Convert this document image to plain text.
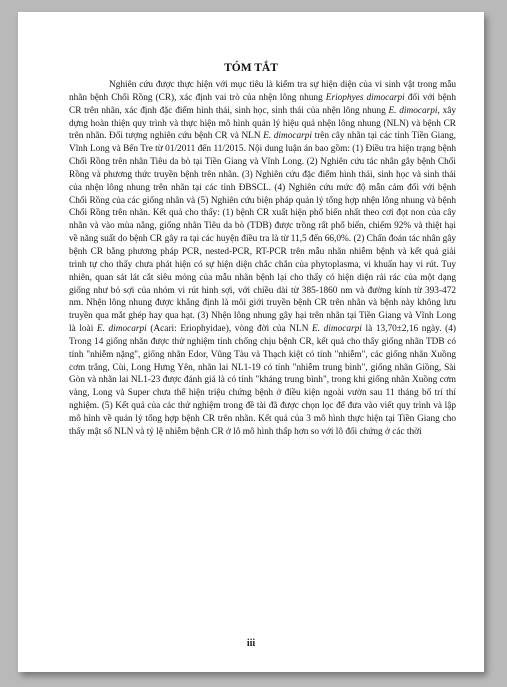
TÓM TẮT

Nghiên cứu được thực hiện với mục tiêu là kiểm tra sự hiện diện của vi sinh vật trong mẫu nhãn bệnh Chổi Rồng (CR), xác định vai trò của nhện lông nhung Eriophyes dimocarpi đối với bệnh CR trên nhãn, xác định đặc điểm hình thái, sinh học, sinh thái của nhện lông nhung E. dimocarpi, xây dựng hoàn thiện quy trình và thực hiện mô hình quản lý hiệu quả nhện lông nhung (NLN) và bệnh CR trên nhãn. Đối tượng nghiên cứu bệnh CR và NLN E. dimocarpi trên cây nhãn tại các tỉnh Tiền Giang, Vĩnh Long và Bến Tre từ 01/2011 đến 11/2015. Nội dung luận án bao gồm: (1) Điều tra hiện trạng bệnh Chổi Rồng trên nhãn Tiêu da bò tại Tiền Giang và Vĩnh Long. (2) Nghiên cứu tác nhân gây bệnh Chổi Rồng và phương thức truyền bệnh trên nhãn. (3) Nghiên cứu đặc điểm hình thái, sinh học và sinh thái của nhện lông nhung trên nhãn tại các tỉnh ĐBSCL. (4) Nghiên cứu mức độ mẫn cảm đối với bệnh Chổi Rồng của các giống nhãn và (5) Nghiên cứu biện pháp quản lý tổng hợp nhện lông nhung và bệnh Chổi Rồng trên nhãn. Kết quả cho thấy: (1) bệnh CR xuất hiện phổ biến nhất theo cơi đọt non của cây nhãn và vào mùa nắng, giống nhãn Tiêu da bò (TDB) được trồng rất phổ biến, chiếm 92% và thiệt hại về năng suất do bệnh CR gây ra tại các huyện điều tra là từ 11,5 đến 66,0%. (2) Chẩn đoán tác nhân gây bệnh CR bằng phương pháp PCR, nested-PCR, RT-PCR trên mẫu nhãn nhiễm bệnh và kết quả giải trình tự cho thấy chưa phát hiện có sự hiện diện chắc chắn của phytoplasma, vi khuẩn hay vi rút. Tuy nhiên, quan sát lát cắt siêu mỏng của mẫu nhãn bệnh lại cho thấy có hiện diện rải rác của một dạng giống như bó sợi của nhóm vi rút hình sợi, với chiều dài từ 385-1860 nm và đường kính từ 393-472 nm. Nhện lông nhung được khẳng định là môi giới truyền bệnh CR trên nhãn và bệnh này không lưu truyền qua mắt ghép hay qua hạt. (3) Nhện lông nhung gây hại trên nhãn tại Tiền Giang và Vĩnh Long là loài E. dimocarpi (Acari: Eriophyidae), vòng đời của NLN E. dimocarpi là 13,70±2,16 ngày. (4) Trong 14 giống nhãn được thử nghiệm tính chống chịu bệnh CR, kết quả cho thấy giống nhãn TDB có tính "nhiễm nặng", giống nhãn Edor, Vũng Tàu và Thạch kiệt có tính "nhiễm", các giống nhãn Xuồng cơm trắng, Cùi, Long Hưng Yên, nhãn lai NL1-19 có tính "nhiễm trung bình", giống nhãn Giồng, Sài Gòn và nhãn lai NL1-23 được đánh giá là có tính "kháng trung bình", trong khi giống nhãn Xuồng cơm vàng, Long và Super chưa thể hiện triệu chứng bệnh ở điều kiện ngoài vườn sau 11 tháng bố trí thí nghiệm. (5) Kết quả của các thử nghiệm trong đề tài đã được chọn lọc để đưa vào viết quy trình và lập mô hình về quản lý tổng hợp bệnh CR trên nhãn. Kết quả của 3 mô hình thực hiện tại Tiền Giang cho thấy mật số NLN và tỷ lệ nhiễm bệnh CR ở lô mô hình thấp hơn so với lô đối chứng ở các thời

iii
